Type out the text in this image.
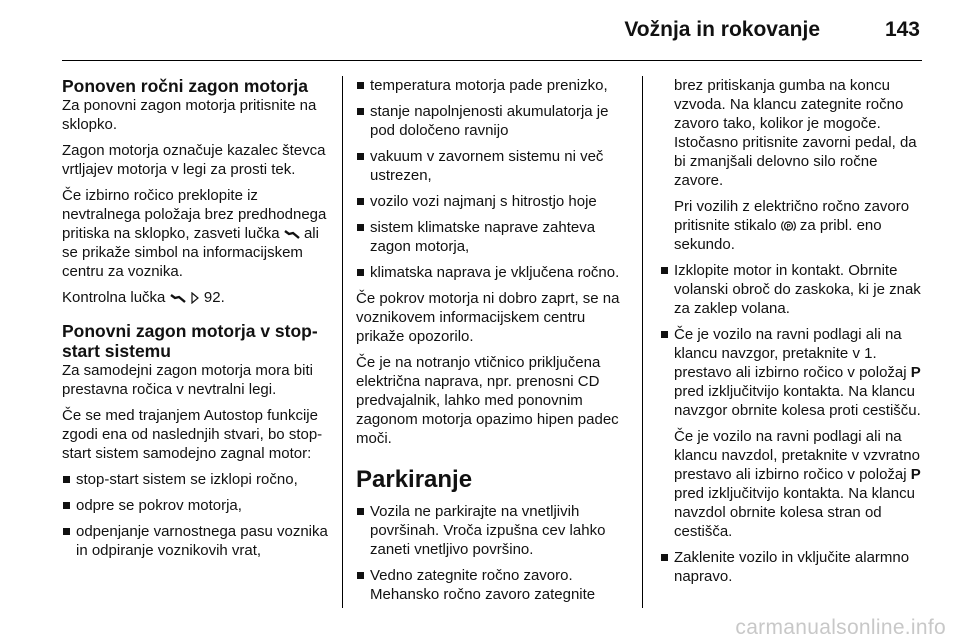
Vožnja in rokovanje	143
Ponoven ročni zagon motorja

Za ponovni zagon motorja pritisnite na sklopko.

Zagon motorja označuje kazalec števca vrtljajev motorja v legi za prosti tek.

Če izbirno ročico preklopite iz nevtralnega položaja brez predhodnega pritiska na sklopko, zasveti lučka ali se prikaže simbol na informacijskem centru za voznika.

Kontrolna lučka	92.

Ponovni zagon motorja v stop-start sistemu

Za samodejni zagon motorja mora biti prestavna ročica v nevtralni legi.

Če se med trajanjem Autostop funkcije zgodi ena od naslednjih stvari, bo stop-start sistem samodejno zagnal motor:

stop-start sistem se izklopi ročno,
odpre se pokrov motorja,
odpenjanje varnostnega pasu voznika in odpiranje voznikovih vrat,
temperatura motorja pade prenizko,
stanje napolnjenosti akumulatorja je pod določeno ravnijo
vakuum v zavornem sistemu ni več ustrezen,
vozilo vozi najmanj s hitrostjo hoje
sistem klimatske naprave zahteva zagon motorja,
klimatska naprava je vključena ročno.

Če pokrov motorja ni dobro zaprt, se na voznikovem informacijskem centru prikaže opozorilo.

Če je na notranjo vtičnico priključena električna naprava, npr. prenosni CD predvajalnik, lahko med ponovnim zagonom motorja opazimo hipen padec moči.

Parkiranje
Vozila ne parkirajte na vnetljivih površinah. Vroča izpušna cev lahko zaneti vnetljivo površino.
Vedno zategnite ročno zavoro. Mehansko ročno zavoro zategnite

brez pritiskanja gumba na koncu vzvoda. Na klancu zategnite ročno zavoro tako, kolikor je mogoče. Istočasno pritisnite zavorni pedal, da bi zmanjšali delovno silo ročne zavore.

Pri vozilih z električno ročno zavoro pritisnite stikalo P za pribl. eno sekundo.

Izklopite motor in kontakt. Obrnite volanski obroč do zaskoka, ki je znak za zaklep volana.
Če je vozilo na ravni podlagi ali na klancu navzgor, pretaknite v 1. prestavo ali izbirno ročico v položaj P pred izključitvijo kontakta. Na klancu navzgor obrnite kolesa proti cestišču.

Če je vozilo na ravni podlagi ali na klancu navzdol, pretaknite v vzvratno prestavo ali izbirno ročico v položaj P pred izključitvijo kontakta. Na klancu navzdol obrnite kolesa stran od cestišča.

Zaklenite vozilo in vključite alarmno napravo.
carmanualsonline.info
